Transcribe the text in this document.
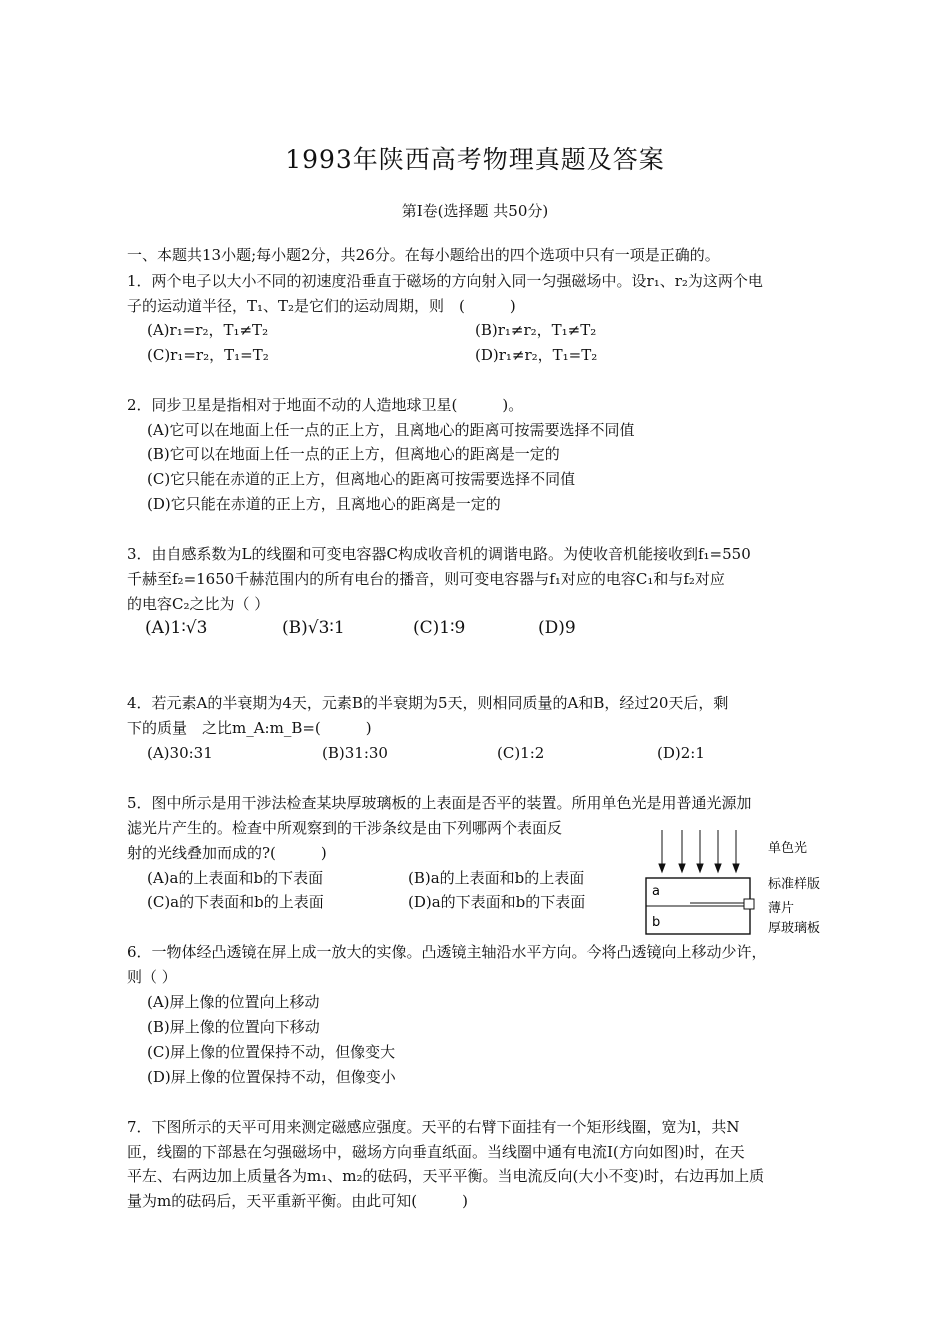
1993年陕西高考物理真题及答案
第Ⅰ卷(选择题 共50分)
一、本题共13小题;每小题2分，共26分。在每小题给出的四个选项中只有一项是正确的。
1．两个电子以大小不同的初速度沿垂直于磁场的方向射入同一匀强磁场中。设r₁、r₂为这两个电
子的运动道半径，T₁、T₂是它们的运动周期，则　(　　　)
(A)r₁=r₂，T₁≠T₂	(B)r₁≠r₂，T₁≠T₂
(C)r₁=r₂，T₁=T₂	(D)r₁≠r₂，T₁=T₂
2．同步卫星是指相对于地面不动的人造地球卫星(　　　)。
(A)它可以在地面上任一点的正上方，且离地心的距离可按需要选择不同值
(B)它可以在地面上任一点的正上方，但离地心的距离是一定的
(C)它只能在赤道的正上方，但离地心的距离可按需要选择不同值
(D)它只能在赤道的正上方，且离地心的距离是一定的
3．由自感系数为L的线圈和可变电容器C构成收音机的调谐电路。为使收音机能接收到f₁=550
千赫至f₂=1650千赫范围内的所有电台的播音，则可变电容器与f₁对应的电容C₁和与f₂对应
的电容C₂之比为（ ）
(A)1∶√3	(B)√3∶1	(C)1∶9	(D)9
4．若元素A的半衰期为4天，元素B的半衰期为5天，则相同质量的A和B，经过20天后，剩
下的质量　之比m_A:m_B=(　　　)
(A)30:31	(B)31:30	(C)1:2	(D)2:1
5．图中所示是用干涉法检查某块厚玻璃板的上表面是否平的装置。所用单色光是用普通光源加
滤光片产生的。检查中所观察到的干涉条纹是由下列哪两个表面反
射的光线叠加而成的?(　　　)
(A)a的上表面和b的下表面	(B)a的上表面和b的上表面
(C)a的下表面和b的上表面	(D)a的下表面和b的下表面
a
b
单色光
标准样版
薄片
厚玻璃板
6．一物体经凸透镜在屏上成一放大的实像。凸透镜主轴沿水平方向。今将凸透镜向上移动少许，
则（ ）
(A)屏上像的位置向上移动
(B)屏上像的位置向下移动
(C)屏上像的位置保持不动，但像变大
(D)屏上像的位置保持不动，但像变小
7．下图所示的天平可用来测定磁感应强度。天平的右臂下面挂有一个矩形线圈，宽为l，共N
匝，线圈的下部悬在匀强磁场中，磁场方向垂直纸面。当线圈中通有电流I(方向如图)时，在天
平左、右两边加上质量各为m₁、m₂的砝码，天平平衡。当电流反向(大小不变)时，右边再加上质
量为m的砝码后，天平重新平衡。由此可知(　　　)
